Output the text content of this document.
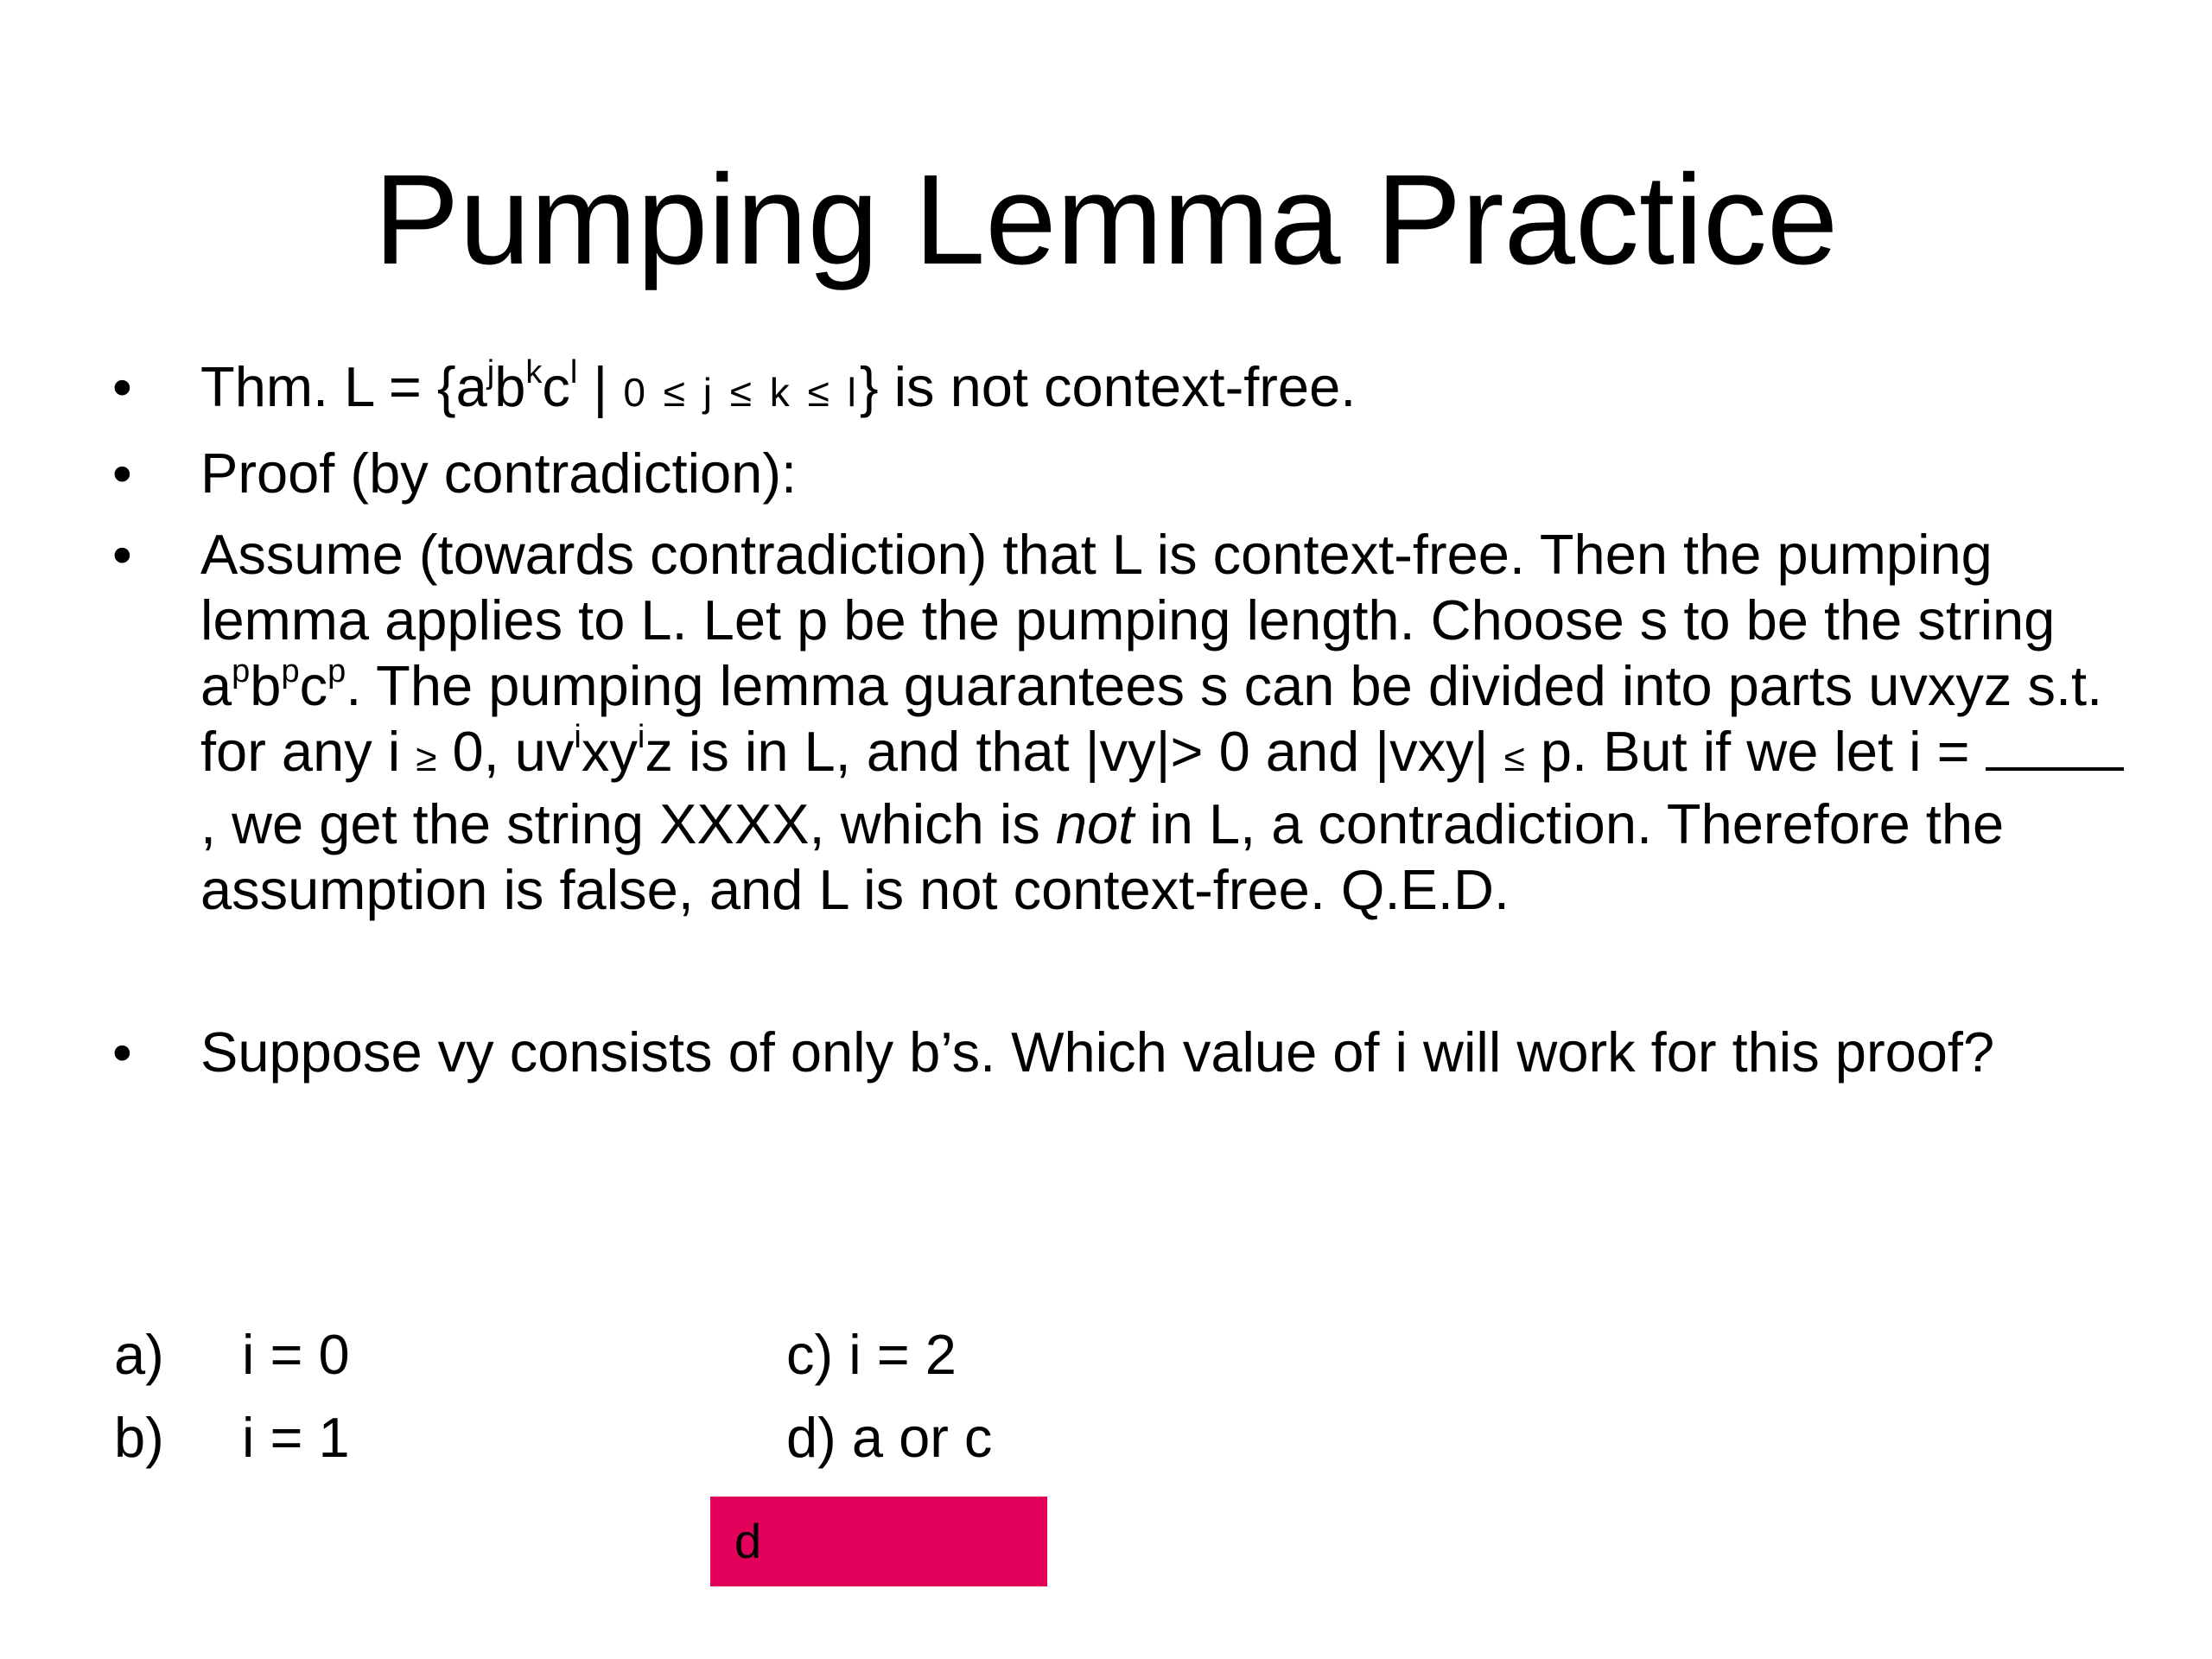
Pumping Lemma Practice
•
Thm. $L = \{a^jb^kc^l$ | 0 ≤ j ≤ k ≤ l} is not context-free.
•
Proof (by contradiction):
•
Assume (towards contradiction) that L is context-free. Then the pumping lemma applies to L. Let p be the pumping length. Choose s to be the string $a^pb^pc^p$. The pumping lemma guarantees s can be divided into parts uvxyz s.t. for any i ≥ 0, $uv^ixy^iz$ is in L, and that |vy|> 0 and |vxy| ≤ p. But if we let i = , we get the string XXXX, which is not in L, a contradiction. Therefore the assumption is false, and L is not context-free. Q.E.D.
•
Suppose vy consists of only b’s. Which value of i will work for this proof?
a) i = 0
b) i = 1
c) i = 2
d) a or c
d
